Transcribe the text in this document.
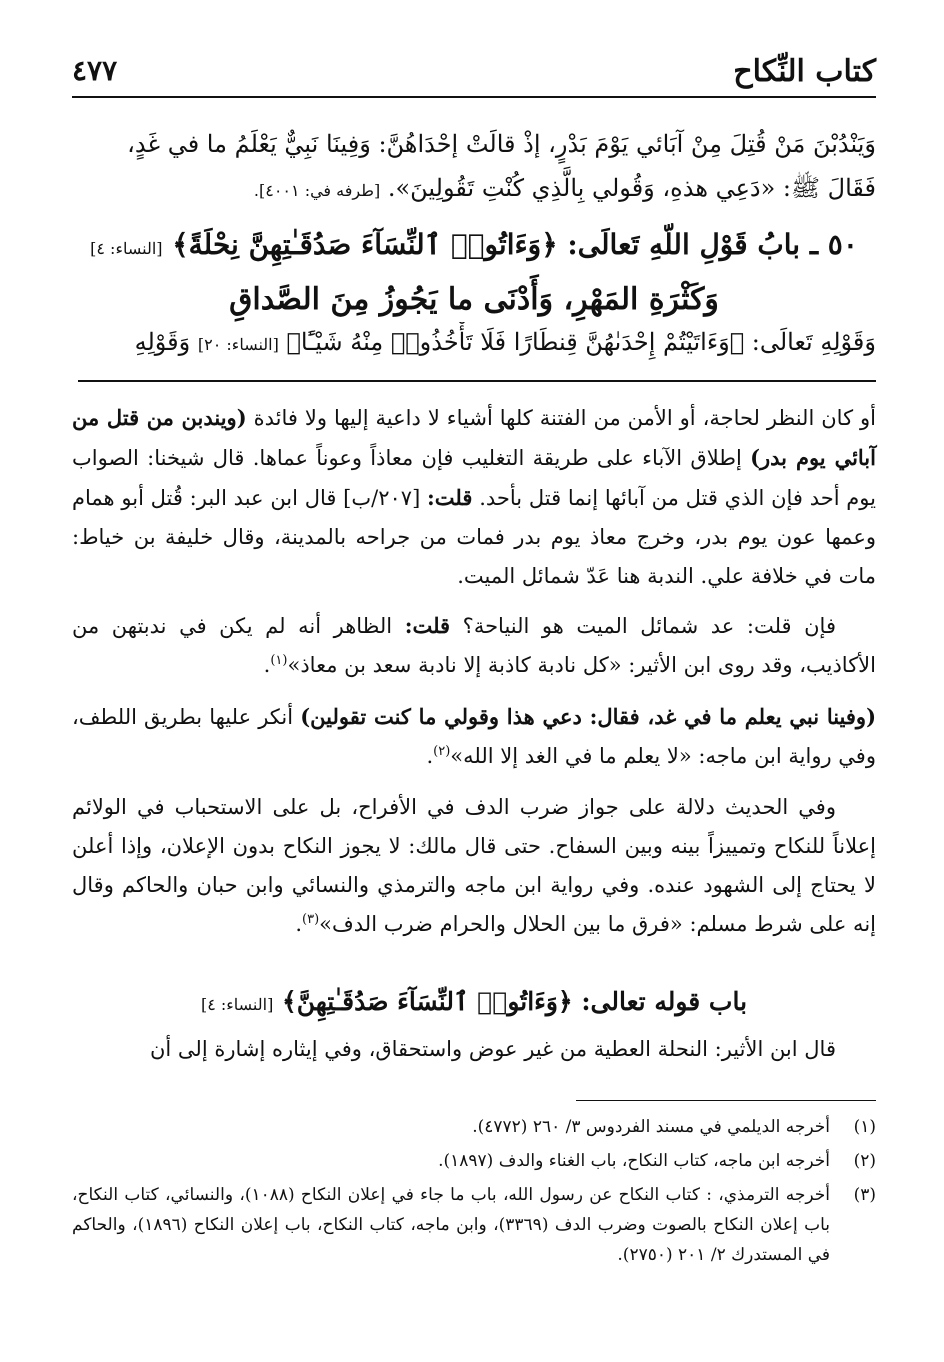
كتاب النِّكاح
٤٧٧
وَيَنْدُبْنَ مَنْ قُتِلَ مِنْ آبَائي يَوْمَ بَدْرٍ، إذْ قالَتْ إحْدَاهُنَّ: وَفِينَا نَبِيٌّ يَعْلَمُ ما في غَدٍ،
فَقَالَ ﷺ: «دَعِي هذهِ، وَقُولي بِالَّذِي كُنْتِ تَقُولِينَ». [طرفه في: ٤٠٠١].
٥٠ ـ بابُ قَوْلِ اللّهِ تَعالَى: ﴿وَءَاتُوا۟ ٱلنِّسَآءَ صَدُقَـٰتِهِنَّ نِحْلَةً﴾ [النساء: ٤]
وَكَثْرَةِ المَهْرِ، وَأَدْنَى ما يَجُوزُ مِنَ الصَّداقِ
وَقَوْلِهِ تَعالَى: ﴿وَءَاتَيْتُمْ إِحْدَىٰهُنَّ قِنطَارًا فَلَا تَأْخُذُوا۟ مِنْهُ شَيْـًٔا﴾ [النساء: ٢٠] وَقَوْلِهِ

أو كان النظر لحاجة، أو الأمن من الفتنة كلها أشياء لا داعية إليها ولا فائدة (ويندبن من قتل من آبائي يوم بدر) إطلاق الآباء على طريقة التغليب فإن معاذاً وعوناً عماها. قال شيخنا: الصواب يوم أحد فإن الذي قتل من آبائها إنما قتل بأحد. قلت: [٢٠٧/ب] قال ابن عبد البر: قُتل أبو همام وعمها عون يوم بدر، وخرج معاذ يوم بدر فمات من جراحه بالمدينة، وقال خليفة بن خياط: مات في خلافة علي. الندبة هنا عَدّ شمائل الميت.

فإن قلت: عد شمائل الميت هو النياحة؟ قلت: الظاهر أنه لم يكن في ندبتهن من الأكاذيب، وقد روى ابن الأثير: «كل نادبة كاذبة إلا نادبة سعد بن معاذ»$^{(١)}$.

(وفينا نبي يعلم ما في غد، فقال: دعي هذا وقولي ما كنت تقولين) أنكر عليها بطريق اللطف، وفي رواية ابن ماجه: «لا يعلم ما في الغد إلا الله»$^{(٢)}$.

وفي الحديث دلالة على جواز ضرب الدف في الأفراح، بل على الاستحباب في الولائم إعلاناً للنكاح وتمييزاً بينه وبين السفاح. حتى قال مالك: لا يجوز النكاح بدون الإعلان، وإذا أعلن لا يحتاج إلى الشهود عنده. وفي رواية ابن ماجه والترمذي والنسائي وابن حبان والحاكم وقال إنه على شرط مسلم: «فرق ما بين الحلال والحرام ضرب الدف»$^{(٣)}$.

باب قوله تعالى: ﴿وَءَاتُوا۟ ٱلنِّسَآءَ صَدُقَـٰتِهِنَّ﴾ [النساء: ٤]

قال ابن الأثير: النحلة العطية من غير عوض واستحقاق، وفي إيثاره إشارة إلى أن

(١)
أخرجه الديلمي في مسند الفردوس ٣/ ٢٦٠ (٤٧٧٢).
(٢)
أخرجه ابن ماجه، كتاب النكاح، باب الغناء والدف (١٨٩٧).
(٣)
أخرجه الترمذي، : كتاب النكاح عن رسول الله، باب ما جاء في إعلان النكاح (١٠٨٨)، والنسائي، كتاب النكاح، باب إعلان النكاح بالصوت وضرب الدف (٣٣٦٩)، وابن ماجه، كتاب النكاح، باب إعلان النكاح (١٨٩٦)، والحاكم في المستدرك ٢/ ٢٠١ (٢٧٥٠).
